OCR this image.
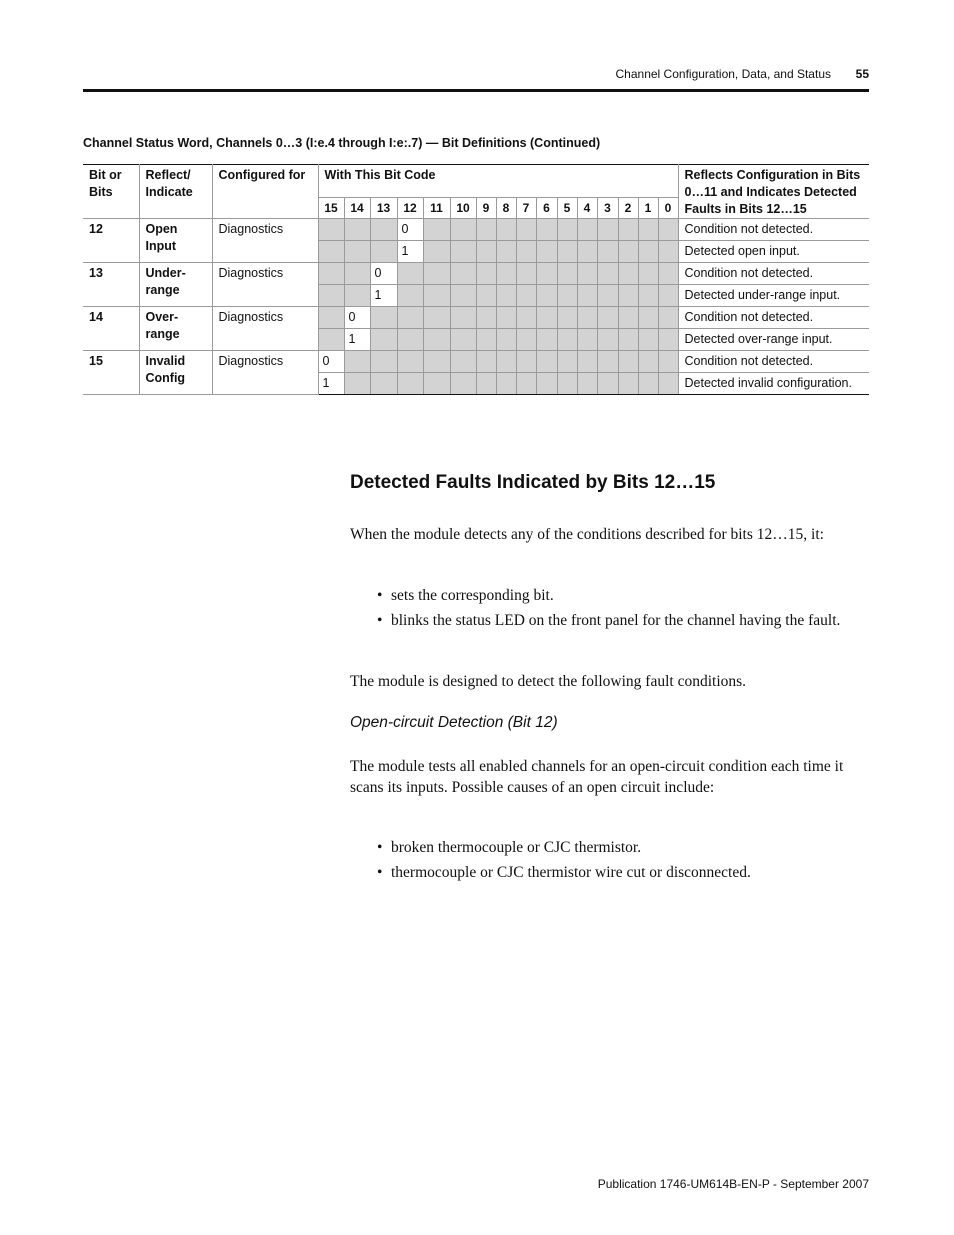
Channel Configuration, Data, and Status 55
Channel Status Word, Channels 0…3 (I:e.4 through I:e:.7) — Bit Definitions (Continued)
Bit or Bits	Reflect/ Indicate	Configured for	With This Bit Code																Reflects Configuration in Bits 0…11 and Indicates Detected Faults in Bits 12…15
			15	14	13	12	11	10	9	8	7	6	5	4	3	2	1	0	
12	Open Input	Diagnostics				0													Condition not detected.
						1													Detected open input.
13	Under-range	Diagnostics			0														Condition not detected.
					1														Detected under-range input.
14	Over-range	Diagnostics		0															Condition not detected.
				1															Detected over-range input.
15	Invalid Config	Diagnostics	0																Condition not detected.
			1																Detected invalid configuration.
Detected Faults Indicated by Bits 12…15

When the module detects any of the conditions described for bits 12…15, it:

• sets the corresponding bit.

• blinks the status LED on the front panel for the channel having the fault.

The module is designed to detect the following fault conditions.

Open-circuit Detection (Bit 12)

The module tests all enabled channels for an open-circuit condition each time it scans its inputs. Possible causes of an open circuit include:

• broken thermocouple or CJC thermistor.

• thermocouple or CJC thermistor wire cut or disconnected.

Publication 1746-UM614B-EN-P - September 2007
